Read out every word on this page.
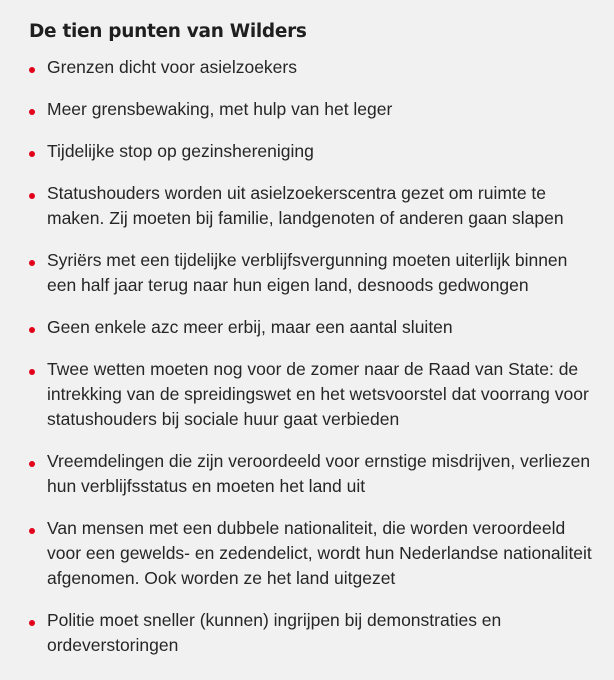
De tien punten van Wilders
Grenzen dicht voor asielzoekers
Meer grensbewaking, met hulp van het leger
Tijdelijke stop op gezinshereniging
Statushouders worden uit asielzoekerscentra gezet om ruimte te maken. Zij moeten bij familie, landgenoten of anderen gaan slapen
Syriërs met een tijdelijke verblijfsvergunning moeten uiterlijk binnen een half jaar terug naar hun eigen land, desnoods gedwongen
Geen enkele azc meer erbij, maar een aantal sluiten
Twee wetten moeten nog voor de zomer naar de Raad van State: de intrekking van de spreidingswet en het wetsvoorstel dat voorrang voor statushouders bij sociale huur gaat verbieden
Vreemdelingen die zijn veroordeeld voor ernstige misdrijven, verliezen hun verblijfsstatus en moeten het land uit
Van mensen met een dubbele nationaliteit, die worden veroordeeld voor een gewelds- en zedendelict, wordt hun Nederlandse nationaliteit afgenomen. Ook worden ze het land uitgezet
Politie moet sneller (kunnen) ingrijpen bij demonstraties en ordeverstoringen
